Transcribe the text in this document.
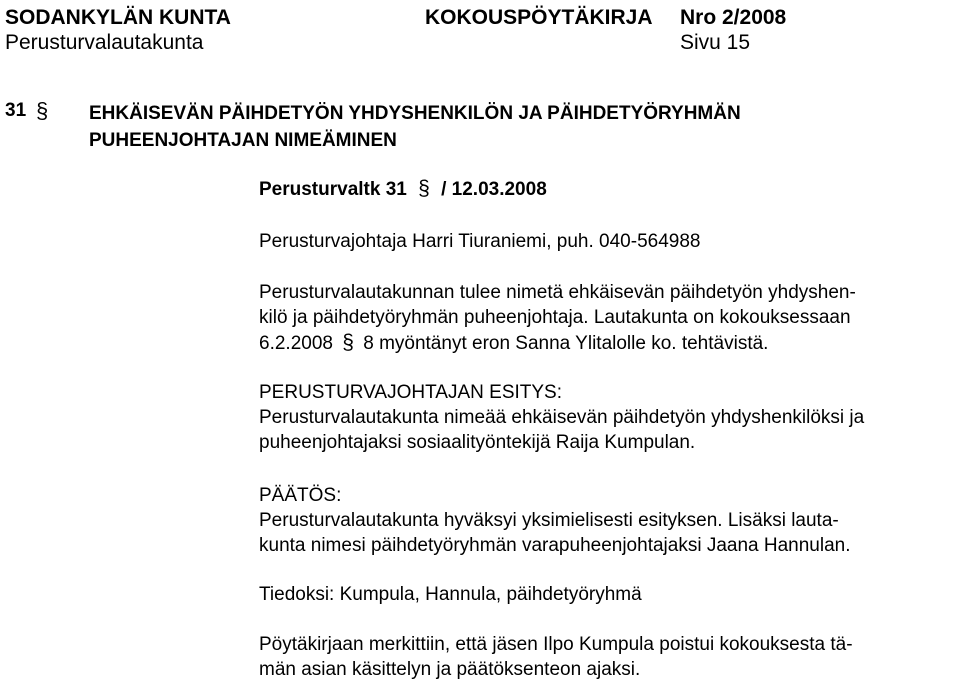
SODANKYLÄN KUNTA	KOKOUSPÖYTÄKIRJA Nro 2/2008
Perusturvalautakunta	Sivu 15
31 § EHKÄISEVÄN PÄIHDETYÖN YHDYSHENKILÖN JA PÄIHDETYÖRYHMÄN
PUHEENJOHTAJAN NIMEÄMINEN
Perusturvaltk 31 § / 12.03.2008
Perusturvajohtaja Harri Tiuraniemi, puh. 040-564988
Perusturvalautakunnan tulee nimetä ehkäisevän päihdetyön yhdyshen-
kilö ja päihdetyöryhmän puheenjohtaja. Lautakunta on kokouksessaan
6.2.2008 § 8 myöntänyt eron Sanna Ylitalolle ko. tehtävistä.
PERUSTURVAJOHTAJAN ESITYS:
Perusturvalautakunta nimeää ehkäisevän päihdetyön yhdyshenkilöksi ja
puheenjohtajaksi sosiaalityöntekijä Raija Kumpulan.
PÄÄTÖS:
Perusturvalautakunta hyväksyi yksimielisesti esityksen. Lisäksi lauta-
kunta nimesi päihdetyöryhmän varapuheenjohtajaksi Jaana Hannulan.
Tiedoksi: Kumpula, Hannula, päihdetyöryhmä
Pöytäkirjaan merkittiin, että jäsen Ilpo Kumpula poistui kokouksesta tä-
män asian käsittelyn ja päätöksenteon ajaksi.
